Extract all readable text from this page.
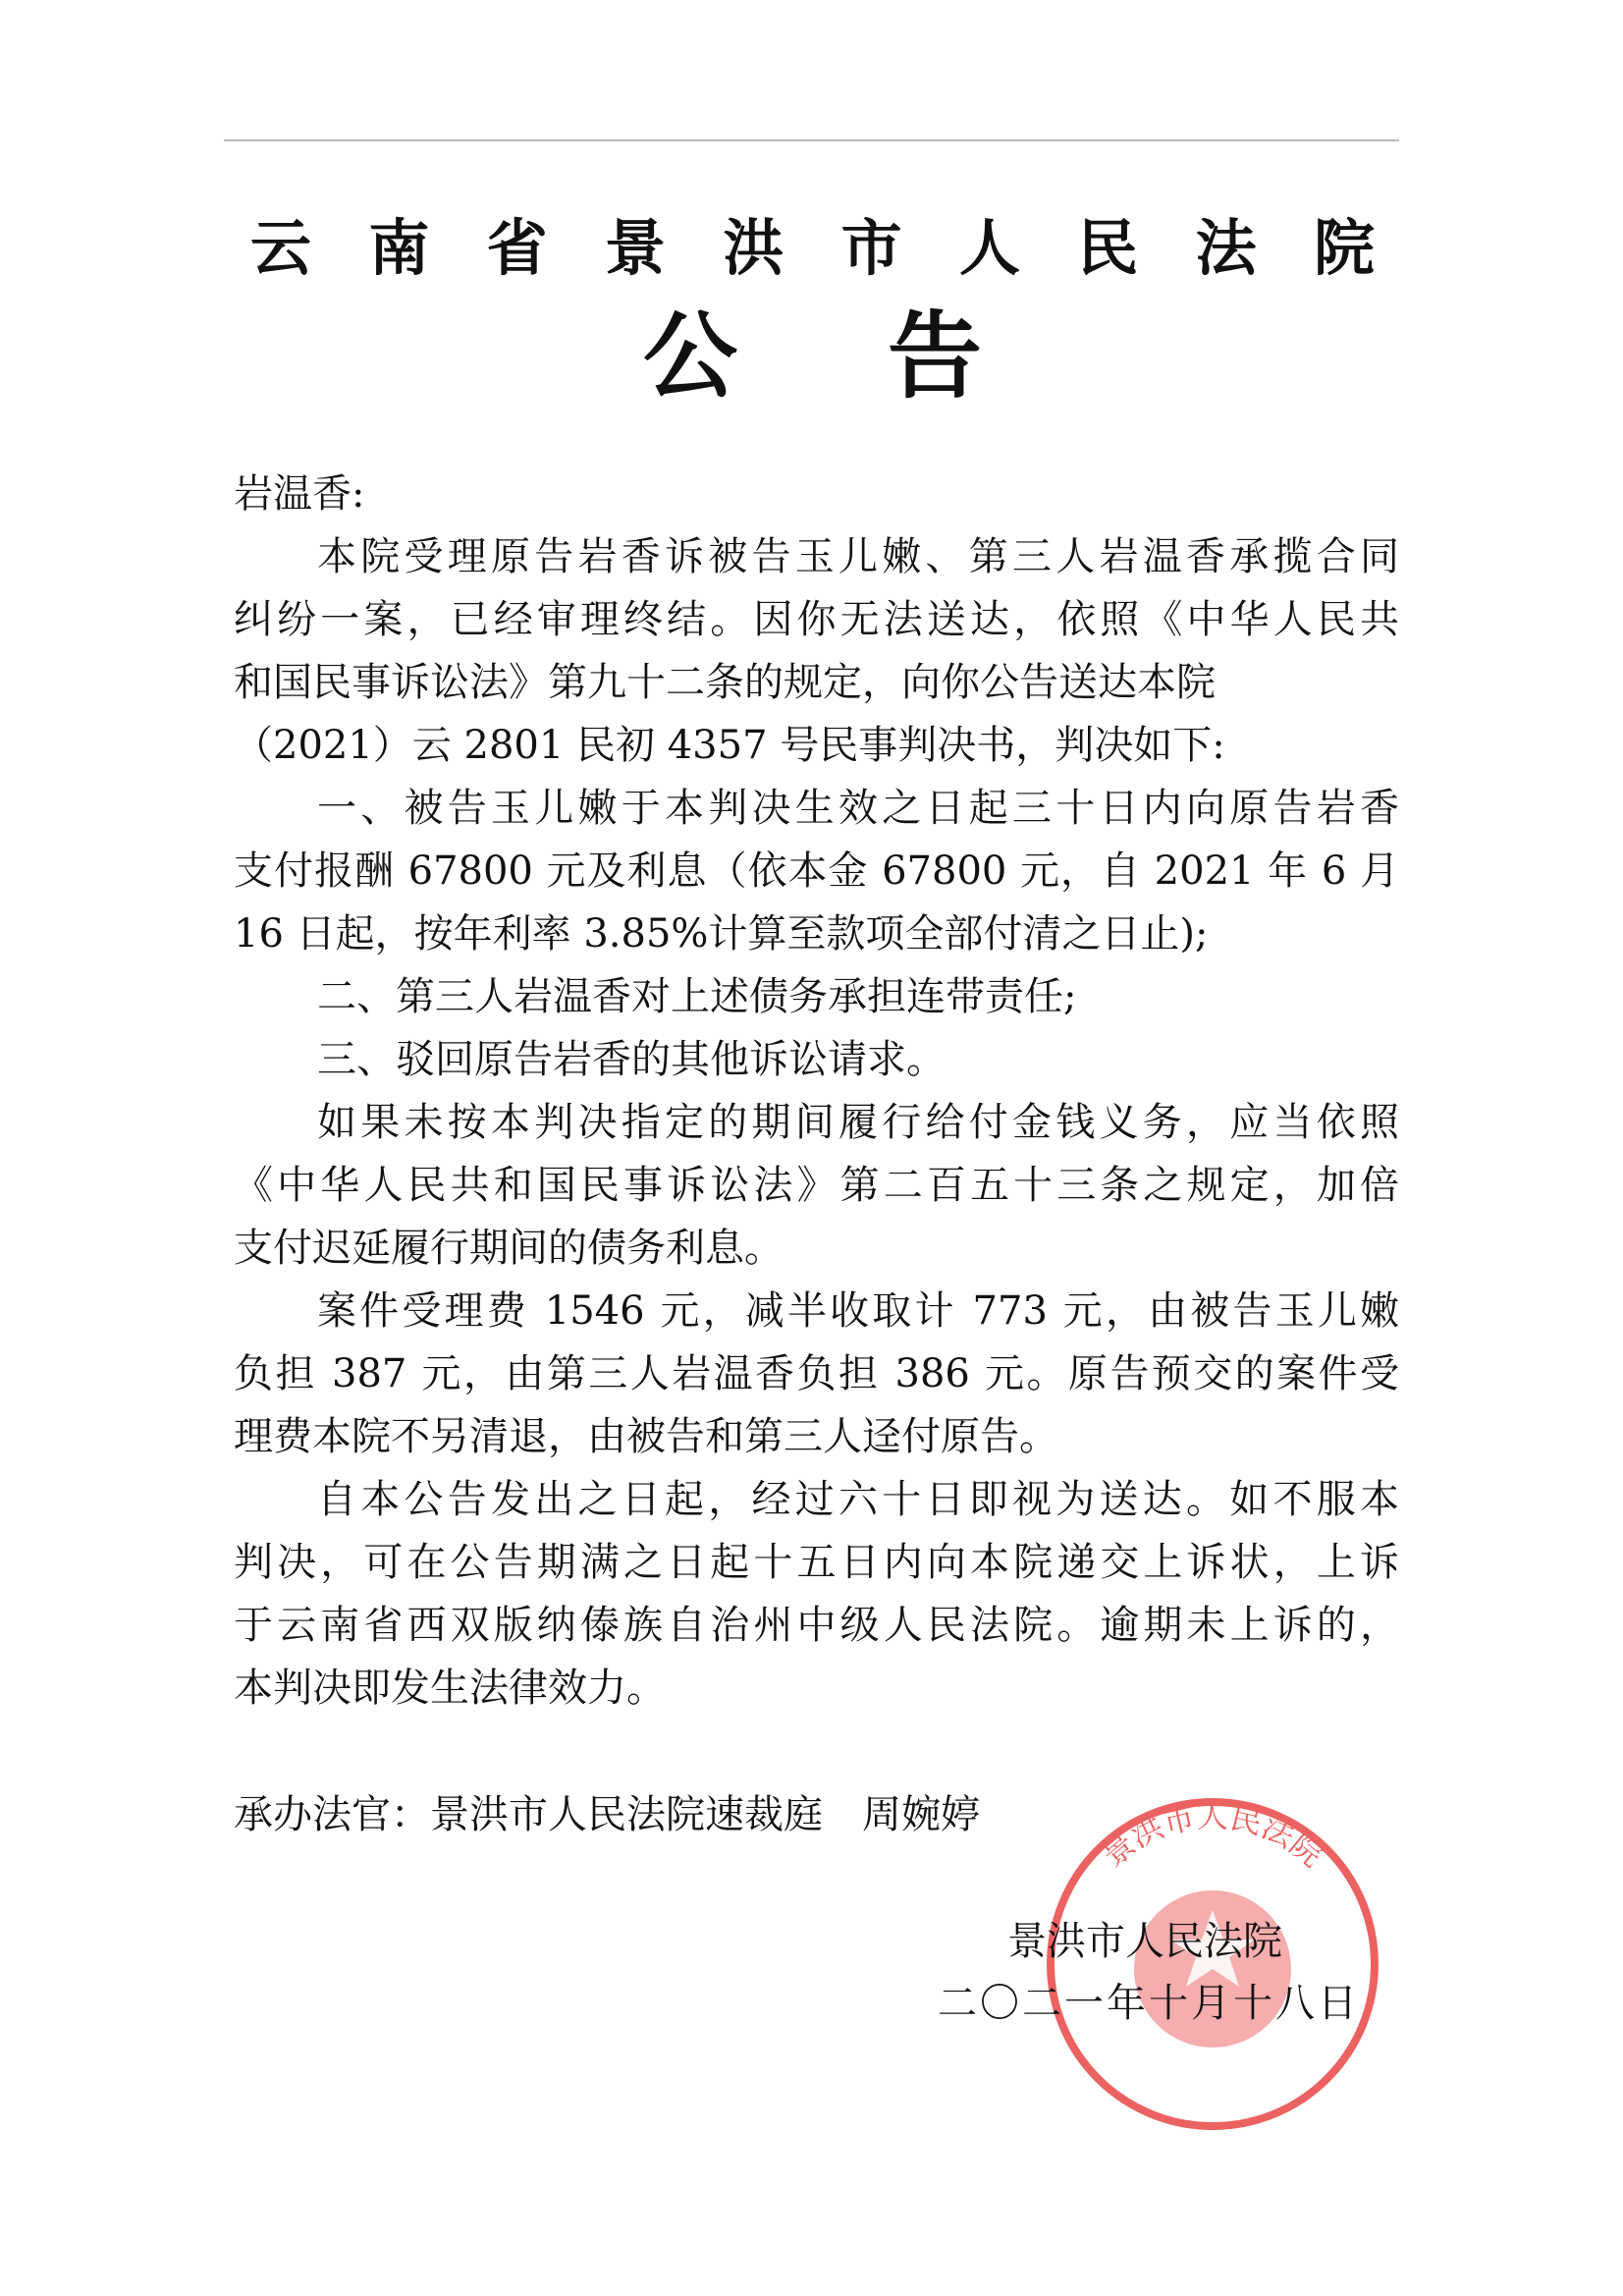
云 南 省 景 洪 市 人 民 法 院
公 告
岩温香:
本院受理原告岩香诉被告玉儿嫩、第三人岩温香承揽合同
纠纷一案，已经审理终结。因你无法送达，依照《中华人民共
和国民事诉讼法》第九十二条的规定，向你公告送达本院
（2021）云 2801 民初 4357 号民事判决书，判决如下:
一、被告玉儿嫩于本判决生效之日起三十日内向原告岩香
支付报酬 67800 元及利息（依本金 67800 元，自 2021 年 6 月
16 日起，按年利率 3.85%计算至款项全部付清之日止);
二、第三人岩温香对上述债务承担连带责任;
三、驳回原告岩香的其他诉讼请求。
如果未按本判决指定的期间履行给付金钱义务，应当依照
《中华人民共和国民事诉讼法》第二百五十三条之规定，加倍
支付迟延履行期间的债务利息。
案件受理费 1546 元，减半收取计 773 元，由被告玉儿嫩
负担 387 元，由第三人岩温香负担 386 元。原告预交的案件受
理费本院不另清退，由被告和第三人迳付原告。
自本公告发出之日起，经过六十日即视为送达。如不服本
判决，可在公告期满之日起十五日内向本院递交上诉状，上诉
于云南省西双版纳傣族自治州中级人民法院。逾期未上诉的，
本判决即发生法律效力。
承办法官：景洪市人民法院速裁庭　周婉婷
景洪市人民法院
景洪市人民法院
二〇二一年十月十八日
